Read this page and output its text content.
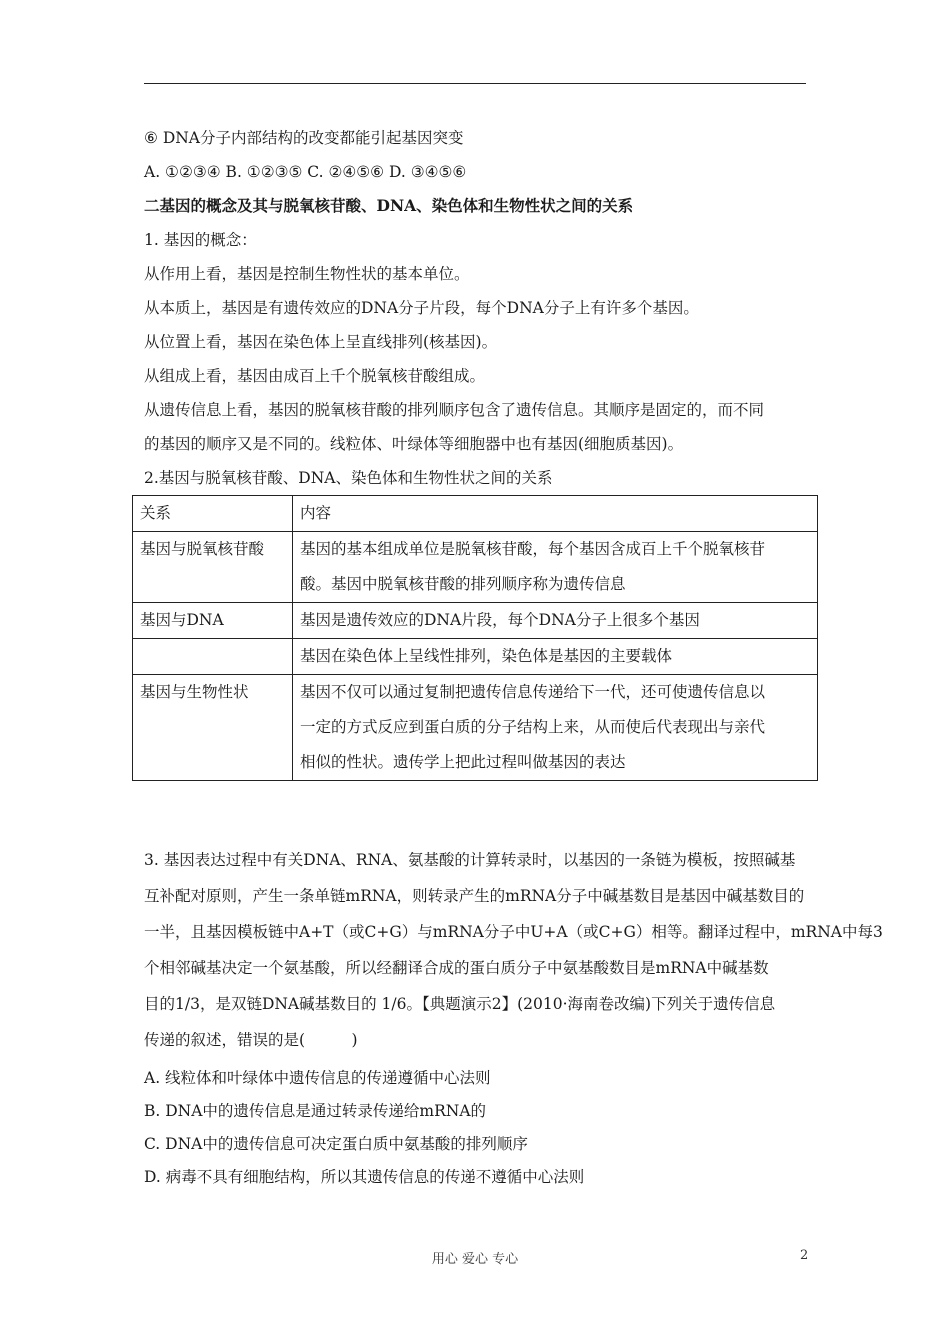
⑥ DNA分子内部结构的改变都能引起基因突变
A. ①②③④ B. ①②③⑤ C. ②④⑤⑥ D. ③④⑤⑥
二基因的概念及其与脱氧核苷酸、DNA、染色体和生物性状之间的关系
1. 基因的概念：
从作用上看，基因是控制生物性状的基本单位。
从本质上，基因是有遗传效应的DNA分子片段，每个DNA分子上有许多个基因。
从位置上看，基因在染色体上呈直线排列(核基因)。
从组成上看，基因由成百上千个脱氧核苷酸组成。
从遗传信息上看，基因的脱氧核苷酸的排列顺序包含了遗传信息。其顺序是固定的，而不同
的基因的顺序又是不同的。线粒体、叶绿体等细胞器中也有基因(细胞质基因)。
2.基因与脱氧核苷酸、DNA、染色体和生物性状之间的关系
关系	内容
基因与脱氧核苷酸	基因的基本组成单位是脱氧核苷酸，每个基因含成百上千个脱氧核苷
酸。基因中脱氧核苷酸的排列顺序称为遗传信息

基因与DNA	基因是遗传效应的DNA片段，每个DNA分子上很多个基因

	基因在染色体上呈线性排列，染色体是基因的主要载体

基因与生物性状	基因不仅可以通过复制把遗传信息传递给下一代，还可使遗传信息以
一定的方式反应到蛋白质的分子结构上来，从而使后代表现出与亲代
相似的性状。遗传学上把此过程叫做基因的表达
3. 基因表达过程中有关DNA、RNA、氨基酸的计算转录时，以基因的一条链为模板，按照碱基
互补配对原则，产生一条单链mRNA，则转录产生的mRNA分子中碱基数目是基因中碱基数目的
一半，且基因模板链中A+T（或C+G）与mRNA分子中U+A（或C+G）相等。翻译过程中，mRNA中每3
个相邻碱基决定一个氨基酸，所以经翻译合成的蛋白质分子中氨基酸数目是mRNA中碱基数
目的1/3，是双链DNA碱基数目的 1/6。【典题演示2】(2010·海南卷改编)下列关于遗传信息
传递的叙述，错误的是(　　　)
A. 线粒体和叶绿体中遗传信息的传递遵循中心法则
B. DNA中的遗传信息是通过转录传递给mRNA的
C. DNA中的遗传信息可决定蛋白质中氨基酸的排列顺序
D. 病毒不具有细胞结构，所以其遗传信息的传递不遵循中心法则
用心 爱心 专心	2
